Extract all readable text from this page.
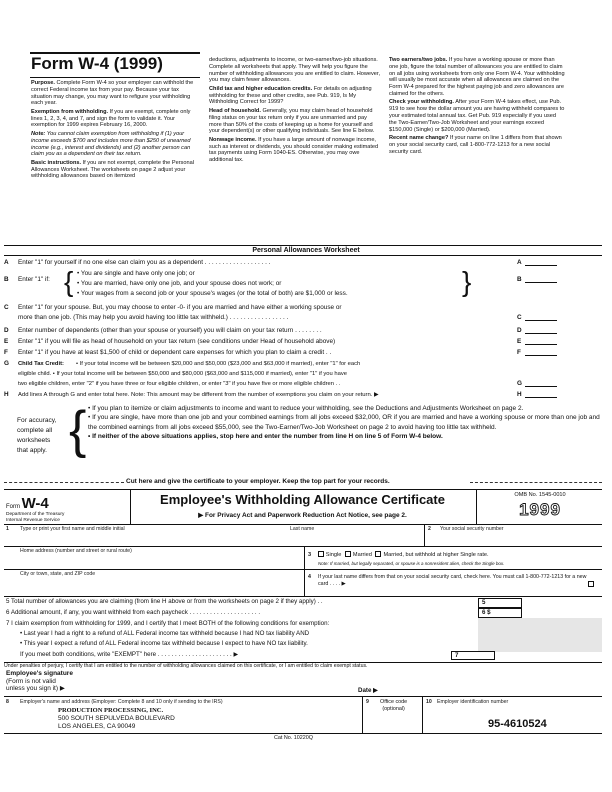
Form W-4 (1999)

Purpose. Complete Form W-4 so your employer can withhold the correct Federal income tax from your pay. Because your tax situation may change, you may want to refigure your withholding each year.

Exemption from withholding. If you are exempt, complete only lines 1, 2, 3, 4, and 7, and sign the form to validate it. Your exemption for 1999 expires February 16, 2000.

Note: You cannot claim exemption from withholding if (1) your income exceeds $700 and includes more than $250 of unearned income (e.g., interest and dividends) and (2) another person can claim you as a dependent on their tax return.

Basic instructions. If you are not exempt, complete the Personal Allowances Worksheet. The worksheets on page 2 adjust your withholding allowances based on itemized

deductions, adjustments to income, or two-earner/two-job situations. Complete all worksheets that apply. They will help you figure the number of withholding allowances you are entitled to claim. However, you may claim fewer allowances.

Child tax and higher education credits. For details on adjusting withholding for these and other credits, see Pub. 919, Is My Withholding Correct for 1999?

Head of household. Generally, you may claim head of household filing status on your tax return only if you are unmarried and pay more than 50% of the costs of keeping up a home for yourself and your dependent(s) or other qualifying individuals. See line E below.

Nonwage income. If you have a large amount of nonwage income, such as interest or dividends, you should consider making estimated tax payments using Form 1040-ES. Otherwise, you may owe additional tax.

Two earners/two jobs. If you have a working spouse or more than one job, figure the total number of allowances you are entitled to claim on all jobs using worksheets from only one Form W-4. Your withholding will usually be most accurate when all allowances are claimed on the Form W-4 prepared for the highest paying job and zero allowances are claimed for the others.

Check your withholding. After your Form W-4 takes effect, use Pub. 919 to see how the dollar amount you are having withheld compares to your estimated total annual tax. Get Pub. 919 especially if you used the Two-Earner/Two-Job Worksheet and your earnings exceed $150,000 (Single) or $200,000 (Married).

Recent name change? If your name on line 1 differs from that shown on your social security card, call 1-800-772-1213 for a new social security card.

Personal Allowances Worksheet
A Enter "1" for yourself if no one else can claim you as a dependent . . . . . . . . . . . . . . . . . . .	A
B Enter "1" if: { • You are single and have only one job; or
• You are married, have only one job, and your spouse does not work; or
• Your wages from a second job or your spouse's wages (or the total of both) are $1,000 or less.	}	B
C Enter "1" for your spouse. But, you may choose to enter -0- if you are married and have either a working spouse or
more than one job. (This may help you avoid having too little tax withheld.) . . . . . . . . . . . . . . . . .	C
D Enter number of dependents (other than your spouse or yourself) you will claim on your tax return . . . . . . . .	D
E Enter "1" if you will file as head of household on your tax return (see conditions under Head of household above)	E
F Enter "1" if you have at least $1,500 of child or dependent care expenses for which you plan to claim a credit . .	F
G Child Tax Credit: • If your total income will be between $20,000 and $50,000 ($23,000 and $63,000 if married), enter "1" for each
eligible child. • If your total income will be between $50,000 and $80,000 ($63,000 and $115,000 if married), enter "1" if you have
two eligible children, enter "2" if you have three or four eligible children, or enter "3" if you have five or more eligible children . .	G
H Add lines A through G and enter total here. Note: This amount may be different from the number of exemptions you claim on your return. ▶	H
For accuracy,
complete all
worksheets
that apply. { • If you plan to itemize or claim adjustments to income and want to reduce your withholding, see the Deductions and Adjustments Worksheet on page 2.
• If you are single, have more than one job and your combined earnings from all jobs exceed $32,000, OR if you are married and have a working spouse or more than one job and the combined earnings from all jobs exceed $55,000, see the Two-Earner/Two-Job Worksheet on page 2 to avoid having too little tax withheld.
• If neither of the above situations applies, stop here and enter the number from line H on line 5 of Form W-4 below.
Cut here and give the certificate to your employer. Keep the top part for your records.
Form W-4
Department of the Treasury
Internal Revenue Service
Employee's Withholding Allowance Certificate
▶ For Privacy Act and Paperwork Reduction Act Notice, see page 2.
OMB No. 1545-0010
1999
1 Type or print your first name and middle initial	Last name	2 Your social security number
Home address (number and street or rural route)
3	Single Married Married, but withhold at higher Single rate.
Note: If married, but legally separated, or spouse is a nonresident alien, check the Single box.
City or town, state, and ZIP code	4 If your last name differs from that on your social security card, check here. You must call 1-800-772-1213 for a new card . . . . ▶
5 Total number of allowances you are claiming (from line H above or from the worksheets on page 2 if they apply) . .	5
6 Additional amount, if any, you want withheld from each paycheck . . . . . . . . . . . . . . . . . . . . .	6 $
7 I claim exemption from withholding for 1999, and I certify that I meet BOTH of the following conditions for exemption:
• Last year I had a right to a refund of ALL Federal income tax withheld because I had NO tax liability AND
• This year I expect a refund of ALL Federal income tax withheld because I expect to have NO tax liability.
If you meet both conditions, write "EXEMPT" here . . . . . . . . . . . . . . . . . . . . . . ▶	7
Under penalties of perjury, I certify that I am entitled to the number of withholding allowances claimed on this certificate, or I am entitled to claim exempt status.
Employee's signature
(Form is not valid
unless you sign it) ▶	Date ▶
8 Employer's name and address (Employer: Complete 8 and 10 only if sending to the IRS)
PRODUCTION PROCESSING, INC.
500 SOUTH SEPULVEDA BOULEVARD
LOS ANGELES, CA 90049
9 Office code
(optional)
10 Employer identification number
95-4610524
Cat No. 10220Q
